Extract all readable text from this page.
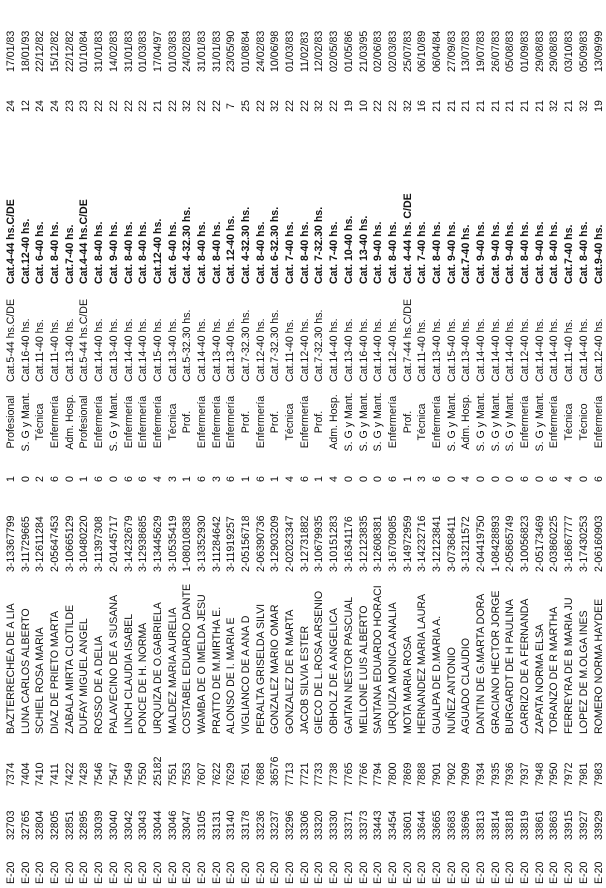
E-20
32703
7374
BAZTERRECHEA DE A LIA
3-13367799
1
Profesional
Cat.5-44 hs.C/DE
Cat.4-44 hs.C/DE
24
17/01/83
E-20
32765
7404
LUNA CARLOS ALBERTO
3-11729665
0
S. G y Mant.
Cat.16-40 hs.
Cat.12-40 hs.
12
18/01/93
E-20
32804
7410
SCHIEL ROSA MARIA
3-12611284
2
Técnica
Cat.11-40 hs.
Cat. 6-40 hs.
24
22/12/82
E-20
32805
7411
DIAZ DE PRIETO MARTA
2-05647453
6
Enfermería
Cat.11-40 hs.
Cat. 8-40 hs.
24
15/12/82
E-20
32851
7422
ZABALA MIRTA CLOTILDE
3-10665129
0
Adm. Hosp.
Cat.13-40 hs.
Cat.7-40 hs.
23
22/12/82
E-20
32895
7428
DUFAY MIGUEL ANGEL
3-10480220
1
Profesional
Cat.5-44 hs.C/DE
Cat.4-44 hs.C/DE
23
01/10/84
E-20
33039
7546
ROSSO DE A DELIA
3-11397308
6
Enfermería
Cat.14-40 hs.
Cat. 8-40 hs.
22
31/01/83
E-20
33040
7547
PALAVECINO DE A SUSANA
2-01445717
0
S. G y Mant.
Cat.13-40 hs.
Cat. 9-40 hs.
22
14/02/83
E-20
33042
7549
LINCH CLAUDIA ISABEL
3-14232679
6
Enfermería
Cat.14-40 hs.
Cat. 8-40 hs.
22
31/01/83
E-20
33043
7550
PONCE DE H. NORMA
3-12938685
6
Enfermería
Cat.14-40 hs.
Cat. 8-40 hs.
22
01/03/83
E-20
33044
25182
URQUIZA DE O.GABRIELA
3-13445629
4
Enfermería
Cat.15-40 hs.
Cat.12-40 hs.
21
17/04/97
E-20
33046
7551
MALDEZ MARIA AURELIA
3-10535419
3
Técnica
Cat.13-40 hs.
Cat. 6-40 hs.
22
01/03/83
E-20
33047
7553
COSTABEL EDUARDO DANTE
1-08010838
1
Prof.
Cat.5-32.30 hs.
Cat. 4-32.30 hs.
32
24/02/83
E-20
33105
7607
WAMBA DE O IMELDA JESU
3-13352930
6
Enfermería
Cat.14-40 hs.
Cat. 8-40 hs.
22
31/01/83
E-20
33131
7622
PRATTO DE M.MIRTHA E.
3-11284642
3
Enfermería
Cat.13-40 hs.
Cat. 8-40 hs.
22
31/01/83
E-20
33140
7629
ALONSO DE I. MARIA E
3-11919257
6
Enfermería
Cat.13-40 hs.
Cat. 12-40 hs.
7
23/05/90
E-20
33178
7651
VIGLIANCO DE A ANA D
2-05156718
1
Prof.
Cat.7-32.30 hs.
Cat. 4-32.30 hs.
25
01/08/84
E-20
33236
7688
PERALTA GRISELDA SILVI
2-06390736
6
Enfermería
Cat.12-40 hs.
Cat. 8-40 hs.
22
24/02/83
E-20
33237
36576
GONZALEZ MARIO OMAR
3-12903209
1
Prof.
Cat.7-32.30 hs.
Cat. 6-32.30 hs.
32
10/06/98
E-20
33296
7713
GONZALEZ DE R MARTA
2-02023347
4
Técnica
Cat.11-40 hs.
Cat. 7-40 hs.
22
01/03/83
E-20
33306
7721
JACOB SILVIA ESTER
3-12731882
6
Enfermería
Cat.12-40 hs.
Cat. 8-40 hs.
22
11/02/83
E-20
33320
7733
GIECO DE L.ROSA ARSENIO
3-10679935
1
Prof.
Cat.7-32.30 hs.
Cat. 7-32.30 hs.
32
12/02/83
E-20
33330
7738
OBHOLZ DE A ANGELICA
3-10151283
4
Adm. Hosp.
Cat.14-40 hs.
Cat. 7-40 hs.
22
02/05/83
E-20
33371
7765
GAITAN NESTOR PASCUAL
3-16341176
0
S. G y Mant.
Cat.13-40 hs.
Cat. 10-40 hs.
19
01/05/86
E-20
33373
7766
MELLONE LUIS ALBERTO
3-12123835
0
S. G y Mant.
Cat.16-40 hs.
Cat. 13-40 hs.
10
21/03/95
E-20
33443
7794
SANTANA EDUARDO HORACI
3-12608381
0
S. G y Mant.
Cat.14-40 hs.
Cat. 9-40 hs.
22
02/06/83
E-20
33454
7800
URQUIZA MONICA ANALIA
3-16709085
6
Enfermería
Cat.12-40 hs.
Cat. 8-40 hs.
22
02/03/83
E-20
33601
7869
MOTA MARIA ROSA
3-14972959
1
Prof.
Cat.7-44 hs.C/DE
Cat. 4-44 hs. C/DE
32
25/07/83
E-20
33644
7888
HERNANDEZ MARIA LAURA
3-14232716
3
Técnica
Cat.11-40 hs.
Cat. 7-40 hs.
16
06/10/89
E-20
33665
7901
GUALPA DE D.MARIA A.
3-12123841
6
Enfermería
Cat.13-40 hs.
Cat. 8-40 hs.
21
06/04/84
E-20
33683
7902
NUÑEZ ANTONIO
3-07368411
0
S. G y Mant.
Cat.15-40 hs.
Cat. 9-40 hs.
21
27/09/83
E-20
33696
7909
AGUADO CLAUDIO
3-13211572
4
Adm. Hosp.
Cat.13-40 hs.
Cat.7-40 hs.
21
13/07/83
E-20
33813
7934
DANTIN DE G.MARTA DORA
2-04419750
0
S. G y Mant.
Cat.14-40 hs.
Cat. 9-40 hs.
21
19/07/83
E-20
33814
7935
GRACIANO HECTOR JORGE
1-08428893
0
S. G y Mant.
Cat.14-40 hs.
Cat. 9-40 hs.
21
26/07/83
E-20
33818
7936
BURGARDT DE H PAULINA
2-05865749
0
S. G y Mant.
Cat.14-40 hs.
Cat. 9-40 hs.
21
05/08/83
E-20
33819
7937
CARRIZO DE A FERNANDA
3-10056823
6
Enfermería
Cat.12-40 hs.
Cat. 8-40 hs.
21
01/09/83
E-20
33861
7948
ZAPATA NORMA ELSA
2-05173469
0
S. G y Mant.
Cat.14-40 hs.
Cat. 9-40 hs.
21
29/08/83
E-20
33863
7950
TORANZO DE R MARTHA
2-03860225
6
Enfermería
Cat.14-40 hs.
Cat. 8-40 hs.
32
29/08/83
E-20
33915
7972
FERREYRA DE B MARIA JU
3-16867777
4
Técnica
Cat.11-40 hs.
Cat.7-40 hs.
21
03/10/83
E-20
33927
7981
LOPEZ DE M.OLGA INES
3-17430253
0
Técnico
Cat.14-40 hs.
Cat. 8-40 hs.
32
05/09/83
E-20
33929
7983
ROMERO NORMA HAYDEE
2-06160903
6
Enfermería
Cat.12-40 hs.
Cat.9-40 hs.
19
13/09/99
